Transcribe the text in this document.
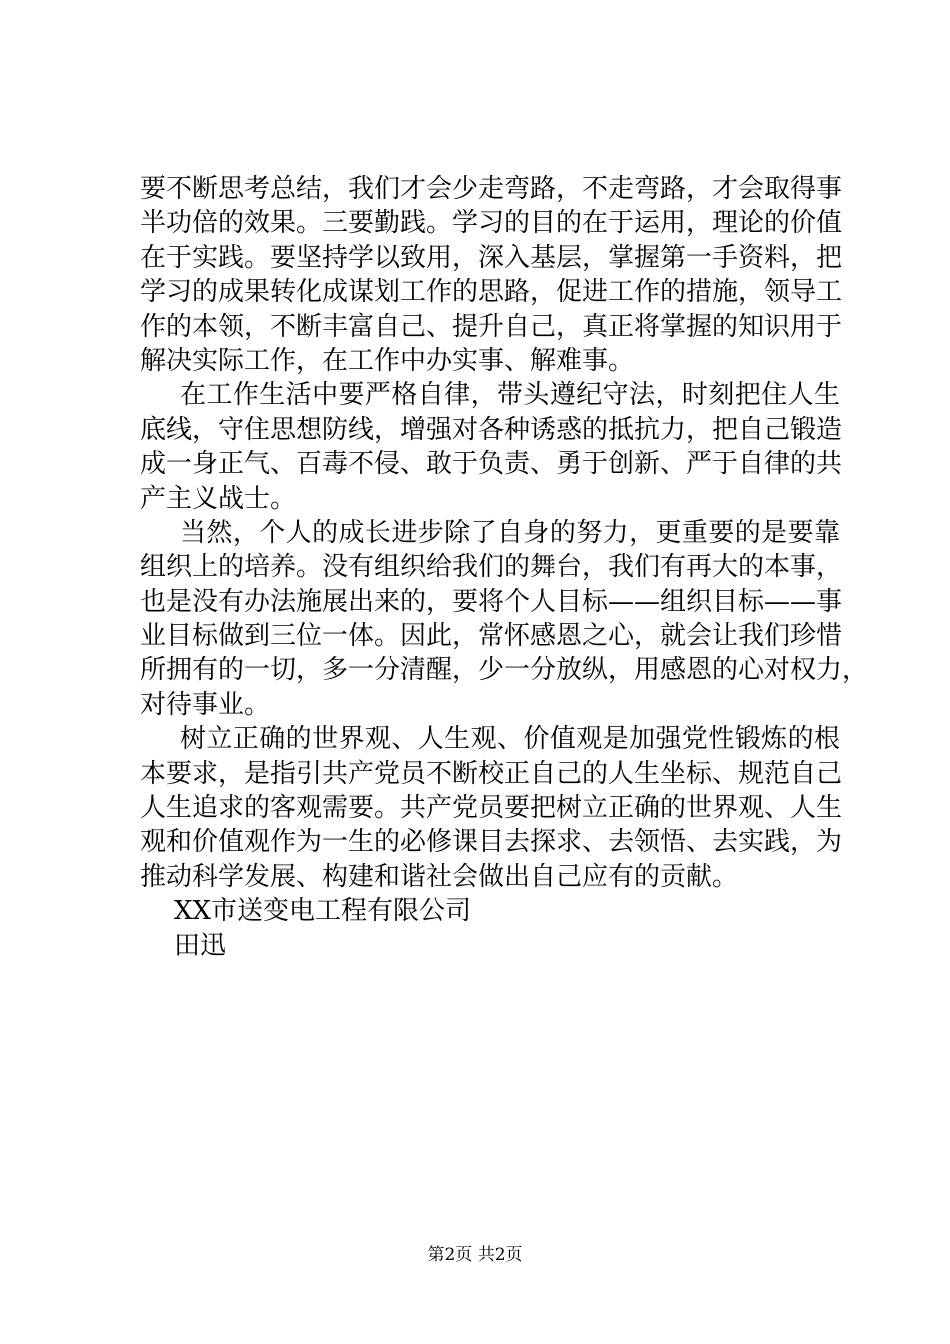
要不断思考总结，我们才会少走弯路，不走弯路，才会取得事
半功倍的效果。三要勤践。学习的目的在于运用，理论的价值
在于实践。要坚持学以致用，深入基层，掌握第一手资料，把
学习的成果转化成谋划工作的思路，促进工作的措施，领导工
作的本领，不断丰富自己、提升自己，真正将掌握的知识用于
解决实际工作，在工作中办实事、解难事。
在工作生活中要严格自律，带头遵纪守法，时刻把住人生
底线，守住思想防线，增强对各种诱惑的抵抗力，把自己锻造
成一身正气、百毒不侵、敢于负责、勇于创新、严于自律的共
产主义战士。
当然，个人的成长进步除了自身的努力，更重要的是要靠
组织上的培养。没有组织给我们的舞台，我们有再大的本事，
也是没有办法施展出来的，要将个人目标——组织目标——事
业目标做到三位一体。因此，常怀感恩之心，就会让我们珍惜
所拥有的一切，多一分清醒，少一分放纵，用感恩的心对权力，
对待事业。
树立正确的世界观、人生观、价值观是加强党性锻炼的根
本要求，是指引共产党员不断校正自己的人生坐标、规范自己
人生追求的客观需要。共产党员要把树立正确的世界观、人生
观和价值观作为一生的必修课目去探求、去领悟、去实践，为
推动科学发展、构建和谐社会做出自己应有的贡献。
XX市送变电工程有限公司
田迅
第2页 共2页
